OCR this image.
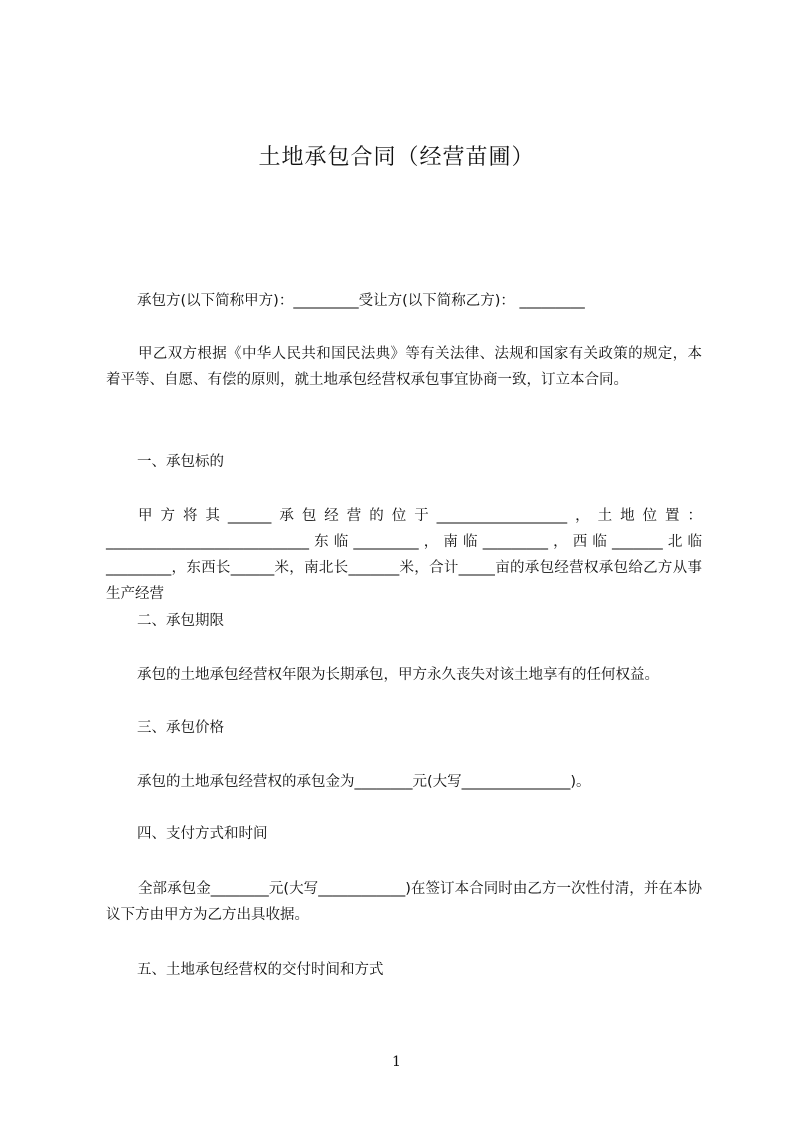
土地承包合同（经营苗圃）
承包方(以下简称甲方)：_________受让方(以下简称乙方)： _________
甲乙双方根据《中华人民共和国民法典》等有关法律、法规和国家有关政策的规定，本着平等、自愿、有偿的原则，就土地承包经营权承包事宜协商一致，订立本合同。
一、承包标的
甲方将其______承包经营的位于__________________，土地位置：____________________________东临_________，南临_________，西临_______北临_________，东西长______米，南北长_______米，合计_____亩的承包经营权承包给乙方从事生产经营
二、承包期限
承包的土地承包经营权年限为长期承包，甲方永久丧失对该土地享有的任何权益。
三、承包价格
承包的土地承包经营权的承包金为________元(大写_______________)。
四、支付方式和时间
全部承包金________元(大写____________)在签订本合同时由乙方一次性付清，并在本协议下方由甲方为乙方出具收据。
五、土地承包经营权的交付时间和方式
1
